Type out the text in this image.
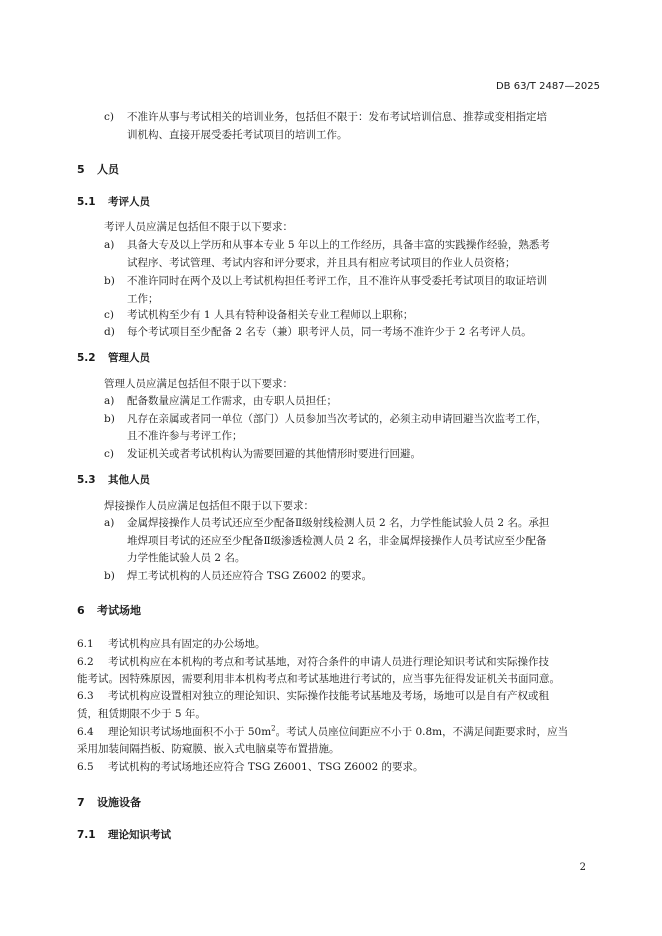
DB 63/T 2487—2025
c) 不准许从事与考试相关的培训业务，包括但不限于：发布考试培训信息、推荐或变相指定培
训机构、直接开展受委托考试项目的培训工作。
5 人员
5.1 考评人员
考评人员应满足包括但不限于以下要求：
a) 具备大专及以上学历和从事本专业 5 年以上的工作经历，具备丰富的实践操作经验，熟悉考
试程序、考试管理、考试内容和评分要求，并且具有相应考试项目的作业人员资格；
b) 不准许同时在两个及以上考试机构担任考评工作，且不准许从事受委托考试项目的取证培训
工作；
c) 考试机构至少有 1 人具有特种设备相关专业工程师以上职称；
d) 每个考试项目至少配备 2 名专（兼）职考评人员，同一考场不准许少于 2 名考评人员。
5.2 管理人员
管理人员应满足包括但不限于以下要求：
a) 配备数量应满足工作需求，由专职人员担任；
b) 凡存在亲属或者同一单位（部门）人员参加当次考试的，必须主动申请回避当次监考工作，
且不准许参与考评工作；
c) 发证机关或者考试机构认为需要回避的其他情形时要进行回避。
5.3 其他人员
焊接操作人员应满足包括但不限于以下要求：
a) 金属焊接操作人员考试还应至少配备Ⅱ级射线检测人员 2 名，力学性能试验人员 2 名。承担
堆焊项目考试的还应至少配备Ⅱ级渗透检测人员 2 名，非金属焊接操作人员考试应至少配备
力学性能试验人员 2 名。
b) 焊工考试机构的人员还应符合 TSG Z6002 的要求。
6 考试场地
6.1 考试机构应具有固定的办公场地。
6.2 考试机构应在本机构的考点和考试基地，对符合条件的申请人员进行理论知识考试和实际操作技
能考试。因特殊原因，需要利用非本机构考点和考试基地进行考试的，应当事先征得发证机关书面同意。
6.3 考试机构应设置相对独立的理论知识、实际操作技能考试基地及考场，场地可以是自有产权或租
赁，租赁期限不少于 5 年。
6.4 理论知识考试场地面积不小于 $50m^2$。考试人员座位间距应不小于 0.8m，不满足间距要求时，应当
采用加装间隔挡板、防窥膜、嵌入式电脑桌等布置措施。
6.5 考试机构的考试场地还应符合 TSG Z6001、TSG Z6002 的要求。
7 设施设备
7.1 理论知识考试
2
